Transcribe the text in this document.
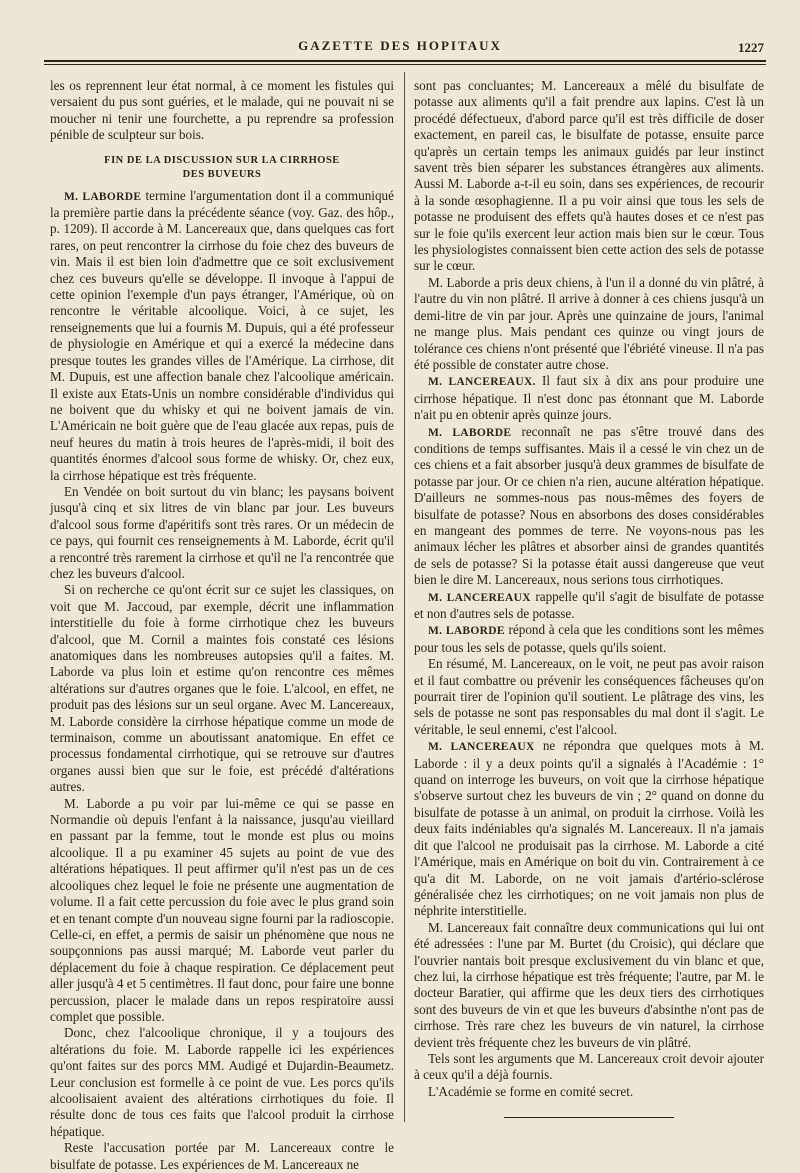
GAZETTE DES HOPITAUX	1227

les os reprennent leur état normal, à ce moment les fistules qui versaient du pus sont guéries, et le malade, qui ne pouvait ni se moucher ni tenir une fourchette, a pu reprendre sa profession pénible de sculpteur sur bois.

FIN DE LA DISCUSSION SUR LA CIRRHOSE
DES BUVEURS

M. LABORDE termine l'argumentation dont il a communiqué la première partie dans la précédente séance (voy. Gaz. des hôp., p. 1209). Il accorde à M. Lancereaux que, dans quelques cas fort rares, on peut rencontrer la cirrhose du foie chez des buveurs de vin. Mais il est bien loin d'admettre que ce soit exclusivement chez ces buveurs qu'elle se développe. Il invoque à l'appui de cette opinion l'exemple d'un pays étranger, l'Amérique, où on rencontre le véritable alcoolique. Voici, à ce sujet, les renseignements que lui a fournis M. Dupuis, qui a été professeur de physiologie en Amérique et qui a exercé la médecine dans presque toutes les grandes villes de l'Amérique. La cirrhose, dit M. Dupuis, est une affection banale chez l'alcoolique américain. Il existe aux Etats-Unis un nombre considérable d'individus qui ne boivent que du whisky et qui ne boivent jamais de vin. L'Américain ne boit guère que de l'eau glacée aux repas, puis de neuf heures du matin à trois heures de l'après-midi, il boit des quantités énormes d'alcool sous forme de whisky. Or, chez eux, la cirrhose hépatique est très fréquente.

En Vendée on boit surtout du vin blanc; les paysans boivent jusqu'à cinq et six litres de vin blanc par jour. Les buveurs d'alcool sous forme d'apéritifs sont très rares. Or un médecin de ce pays, qui fournit ces renseignements à M. Laborde, écrit qu'il a rencontré très rarement la cirrhose et qu'il ne l'a rencontrée que chez les buveurs d'alcool.

Si on recherche ce qu'ont écrit sur ce sujet les classiques, on voit que M. Jaccoud, par exemple, décrit une inflammation interstitielle du foie à forme cirrhotique chez les buveurs d'alcool, que M. Cornil a maintes fois constaté ces lésions anatomiques dans les nombreuses autopsies qu'il a faites. M. Laborde va plus loin et estime qu'on rencontre ces mêmes altérations sur d'autres organes que le foie. L'alcool, en effet, ne produit pas des lésions sur un seul organe. Avec M. Lancereaux, M. Laborde considère la cirrhose hépatique comme un mode de terminaison, comme un aboutissant anatomique. En effet ce processus fondamental cirrhotique, qui se retrouve sur d'autres organes aussi bien que sur le foie, est précédé d'altérations autres.

M. Laborde a pu voir par lui-même ce qui se passe en Normandie où depuis l'enfant à la naissance, jusqu'au vieillard en passant par la femme, tout le monde est plus ou moins alcoolique. Il a pu examiner 45 sujets au point de vue des altérations hépatiques. Il peut affirmer qu'il n'est pas un de ces alcooliques chez lequel le foie ne présente une augmentation de volume. Il a fait cette percussion du foie avec le plus grand soin et en tenant compte d'un nouveau signe fourni par la radioscopie. Celle-ci, en effet, a permis de saisir un phénomène que nous ne soupçonnions pas aussi marqué; M. Laborde veut parler du déplacement du foie à chaque respiration. Ce déplacement peut aller jusqu'à 4 et 5 centimètres. Il faut donc, pour faire une bonne percussion, placer le malade dans un repos respiratoire aussi complet que possible.

Donc, chez l'alcoolique chronique, il y a toujours des altérations du foie. M. Laborde rappelle ici les expériences qu'ont faites sur des porcs MM. Audigé et Dujardin-Beaumetz. Leur conclusion est formelle à ce point de vue. Les porcs qu'ils alcoolisaient avaient des altérations cirrhotiques du foie. Il résulte donc de tous ces faits que l'alcool produit la cirrhose hépatique.

Reste l'accusation portée par M. Lancereaux contre le bisulfate de potasse. Les expériences de M. Lancereaux ne

sont pas concluantes; M. Lancereaux a mêlé du bisulfate de potasse aux aliments qu'il a fait prendre aux lapins. C'est là un procédé défectueux, d'abord parce qu'il est très difficile de doser exactement, en pareil cas, le bisulfate de potasse, ensuite parce qu'après un certain temps les animaux guidés par leur instinct savent très bien séparer les substances étrangères aux aliments. Aussi M. Laborde a-t-il eu soin, dans ses expériences, de recourir à la sonde œsophagienne. Il a pu voir ainsi que tous les sels de potasse ne produisent des effets qu'à hautes doses et ce n'est pas sur le foie qu'ils exercent leur action mais bien sur le cœur. Tous les physiologistes connaissent bien cette action des sels de potasse sur le cœur.

M. Laborde a pris deux chiens, à l'un il a donné du vin plâtré, à l'autre du vin non plâtré. Il arrive à donner à ces chiens jusqu'à un demi-litre de vin par jour. Après une quinzaine de jours, l'animal ne mange plus. Mais pendant ces quinze ou vingt jours de tolérance ces chiens n'ont présenté que l'ébriété vineuse. Il n'a pas été possible de constater autre chose.

M. LANCEREAUX. Il faut six à dix ans pour produire une cirrhose hépatique. Il n'est donc pas étonnant que M. Laborde n'ait pu en obtenir après quinze jours.

M. LABORDE reconnaît ne pas s'être trouvé dans des conditions de temps suffisantes. Mais il a cessé le vin chez un de ces chiens et a fait absorber jusqu'à deux grammes de bisulfate de potasse par jour. Or ce chien n'a rien, aucune altération hépatique. D'ailleurs ne sommes-nous pas nous-mêmes des foyers de bisulfate de potasse? Nous en absorbons des doses considérables en mangeant des pommes de terre. Ne voyons-nous pas les animaux lécher les plâtres et absorber ainsi de grandes quantités de sels de potasse? Si la potasse était aussi dangereuse que veut bien le dire M. Lancereaux, nous serions tous cirrhotiques.

M. LANCEREAUX rappelle qu'il s'agit de bisulfate de potasse et non d'autres sels de potasse.

M. LABORDE répond à cela que les conditions sont les mêmes pour tous les sels de potasse, quels qu'ils soient.

En résumé, M. Lancereaux, on le voit, ne peut pas avoir raison et il faut combattre ou prévenir les conséquences fâcheuses qu'on pourrait tirer de l'opinion qu'il soutient. Le plâtrage des vins, les sels de potasse ne sont pas responsables du mal dont il s'agit. Le véritable, le seul ennemi, c'est l'alcool.

M. LANCEREAUX ne répondra que quelques mots à M. Laborde : il y a deux points qu'il a signalés à l'Académie : 1° quand on interroge les buveurs, on voit que la cirrhose hépatique s'observe surtout chez les buveurs de vin ; 2° quand on donne du bisulfate de potasse à un animal, on produit la cirrhose. Voilà les deux faits indéniables qu'a signalés M. Lancereaux. Il n'a jamais dit que l'alcool ne produisait pas la cirrhose. M. Laborde a cité l'Amérique, mais en Amérique on boit du vin. Contrairement à ce qu'a dit M. Laborde, on ne voit jamais d'artério-sclérose généralisée chez les cirrhotiques; on ne voit jamais non plus de néphrite interstitielle.

M. Lancereaux fait connaître deux communications qui lui ont été adressées : l'une par M. Burtet (du Croisic), qui déclare que l'ouvrier nantais boit presque exclusivement du vin blanc et que, chez lui, la cirrhose hépatique est très fréquente; l'autre, par M. le docteur Baratier, qui affirme que les deux tiers des cirrhotiques sont des buveurs de vin et que les buveurs d'absinthe n'ont pas de cirrhose. Très rare chez les buveurs de vin naturel, la cirrhose devient très fréquente chez les buveurs de vin plâtré.

Tels sont les arguments que M. Lancereaux croit devoir ajouter à ceux qu'il a déjà fournis.

L'Académie se forme en comité secret.
